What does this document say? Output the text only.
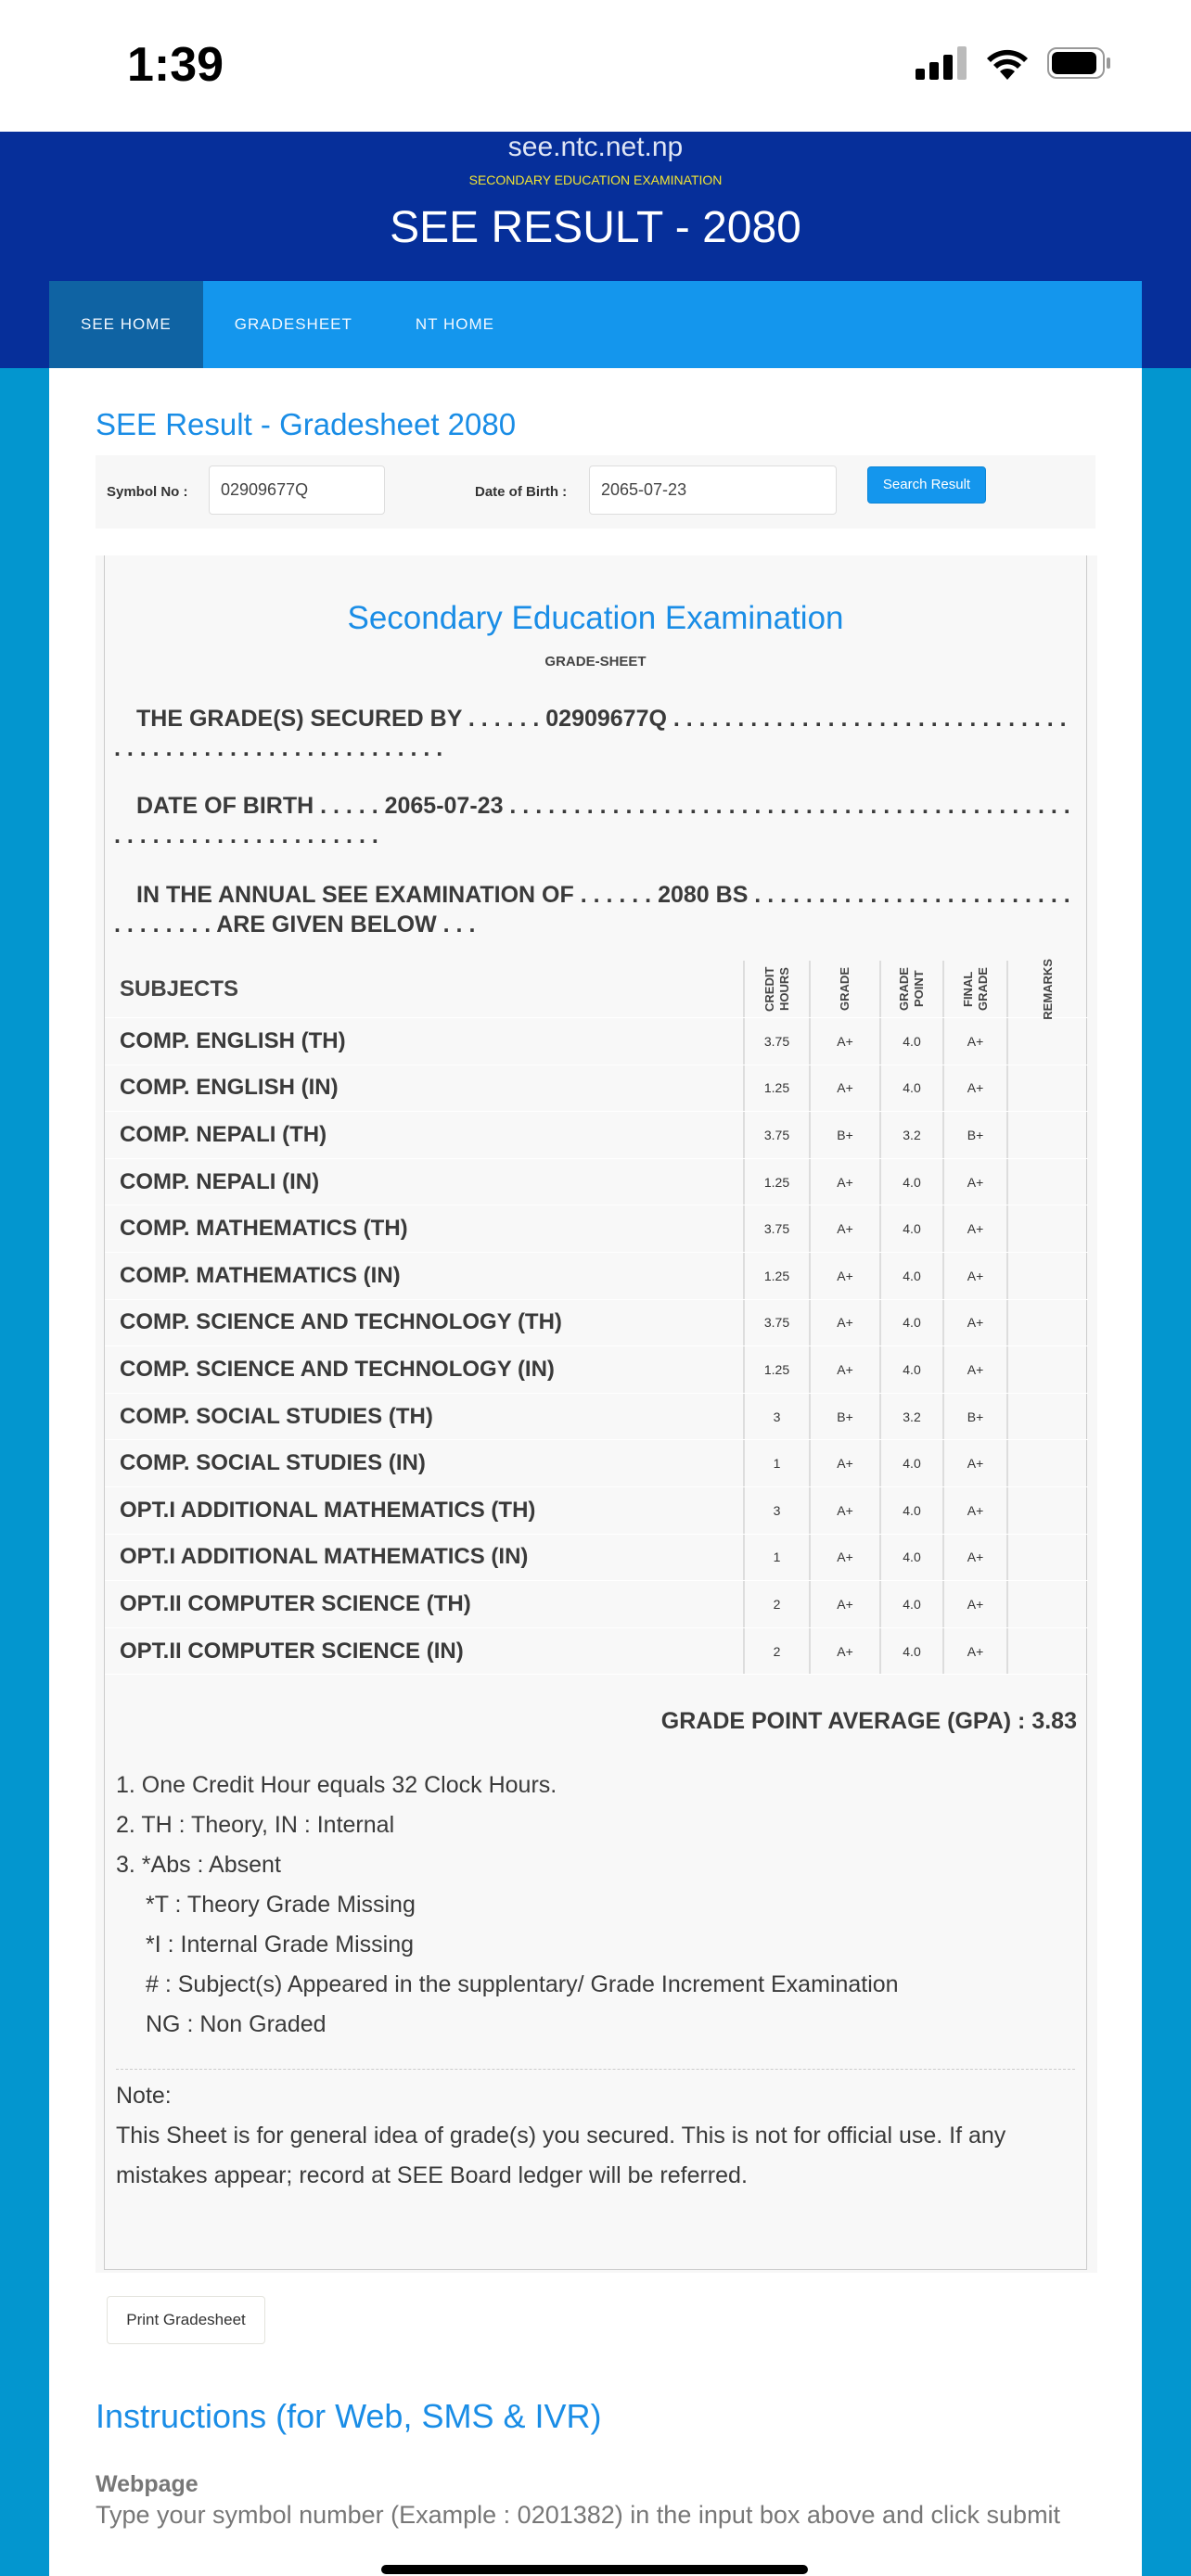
1:39
see.ntc.net.np
SECONDARY EDUCATION EXAMINATION
SEE RESULT - 2080
SEE HOME	GRADESHEET	NT HOME
SEE Result - Gradesheet 2080
Symbol No :	02909677Q	Date of Birth :	2065-07-23	Search Result
Secondary Education Examination
GRADE-SHEET
THE GRADE(S) SECURED BY . . . . . . 02909677Q . . . . . . . . . . . . . . . . . . . . . . . . . . . . . . . . . . . . . . . . . . . . . . . . . . . . . . . . .
DATE OF BIRTH . . . . . 2065-07-23 . . . . . . . . . . . . . . . . . . . . . . . . . . . . . . . . . . . . . . . . . . . . . . . . . . . . . . . . . . . . . . . . .
IN THE ANNUAL SEE EXAMINATION OF . . . . . . 2080 BS . . . . . . . . . . . . . . . . . . . . . . . . . . . . . . . . . ARE GIVEN BELOW . . .
SUBJECTS	CREDIT HOURS	GRADE	GRADE POINT	FINAL GRADE	REMARKS
COMP. ENGLISH (TH)	3.75	A+	4.0	A+
COMP. ENGLISH (IN)	1.25	A+	4.0	A+
COMP. NEPALI (TH)	3.75	B+	3.2	B+
COMP. NEPALI (IN)	1.25	A+	4.0	A+
COMP. MATHEMATICS (TH)	3.75	A+	4.0	A+
COMP. MATHEMATICS (IN)	1.25	A+	4.0	A+
COMP. SCIENCE AND TECHNOLOGY (TH)	3.75	A+	4.0	A+
COMP. SCIENCE AND TECHNOLOGY (IN)	1.25	A+	4.0	A+
COMP. SOCIAL STUDIES (TH)	3	B+	3.2	B+
COMP. SOCIAL STUDIES (IN)	1	A+	4.0	A+
OPT.I ADDITIONAL MATHEMATICS (TH)	3	A+	4.0	A+
OPT.I ADDITIONAL MATHEMATICS (IN)	1	A+	4.0	A+
OPT.II COMPUTER SCIENCE (TH)	2	A+	4.0	A+
OPT.II COMPUTER SCIENCE (IN)	2	A+	4.0	A+
GRADE POINT AVERAGE (GPA) : 3.83
1. One Credit Hour equals 32 Clock Hours.
2. TH : Theory, IN : Internal
3. *Abs : Absent
*T : Theory Grade Missing
*I : Internal Grade Missing
# : Subject(s) Appeared in the supplentary/ Grade Increment Examination
NG : Non Graded
Note:
This Sheet is for general idea of grade(s) you secured. This is not for official use. If any mistakes appear; record at SEE Board ledger will be referred.
Print Gradesheet
Instructions (for Web, SMS & IVR)
Webpage
Type your symbol number (Example : 0201382) in the input box above and click submit
